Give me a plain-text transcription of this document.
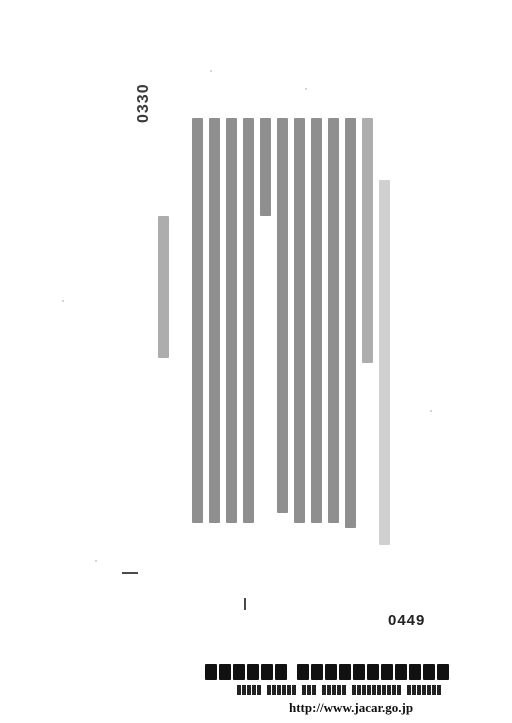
0330
0449
http://www.jacar.go.jp
